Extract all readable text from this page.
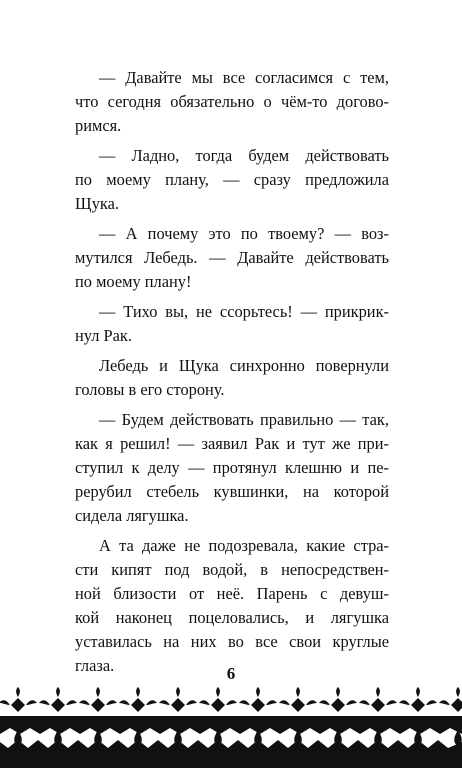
— Давайте мы все согласимся с тем,
что сегодня обязательно о чём-то догово-
римся.
— Ладно, тогда будем действовать
по моему плану, — сразу предложила
Щука.
— А почему это по твоему? — воз-
мутился Лебедь. — Давайте действовать
по моему плану!
— Тихо вы, не ссорьтесь! — прикрик-
нул Рак.
Лебедь и Щука синхронно повернули
головы в его сторону.
— Будем действовать правильно — так,
как я решил! — заявил Рак и тут же при-
ступил к делу — протянул клешню и пе-
рерубил стебель кувшинки, на которой
сидела лягушка.
А та даже не подозревала, какие стра-
сти кипят под водой, в непосредствен-
ной близости от неё. Парень с девуш-
кой наконец поцеловались, и лягушка
уставилась на них во все свои круглые
глаза.	6
